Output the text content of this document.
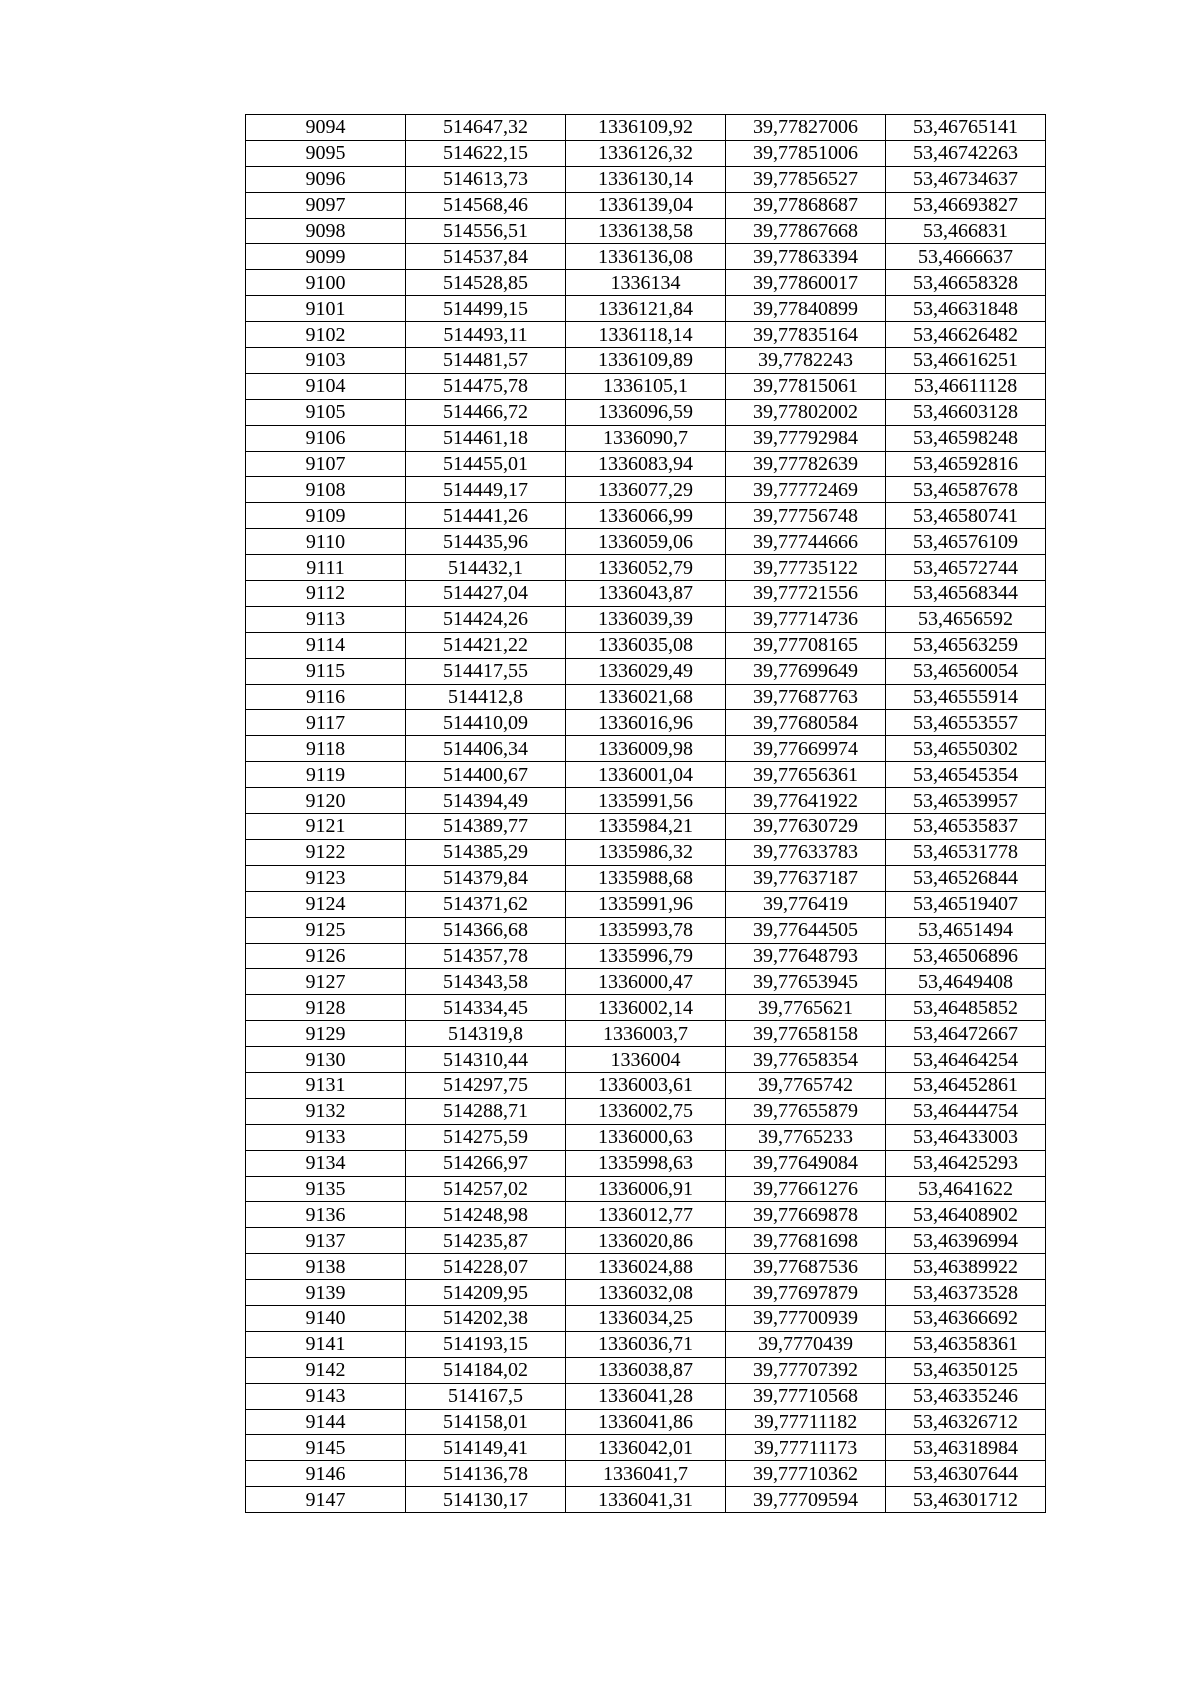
9094	514647,32	1336109,92	39,77827006	53,46765141
9095	514622,15	1336126,32	39,77851006	53,46742263
9096	514613,73	1336130,14	39,77856527	53,46734637
9097	514568,46	1336139,04	39,77868687	53,46693827
9098	514556,51	1336138,58	39,77867668	53,466831
9099	514537,84	1336136,08	39,77863394	53,4666637
9100	514528,85	1336134	39,77860017	53,46658328
9101	514499,15	1336121,84	39,77840899	53,46631848
9102	514493,11	1336118,14	39,77835164	53,46626482
9103	514481,57	1336109,89	39,7782243	53,46616251
9104	514475,78	1336105,1	39,77815061	53,46611128
9105	514466,72	1336096,59	39,77802002	53,46603128
9106	514461,18	1336090,7	39,77792984	53,46598248
9107	514455,01	1336083,94	39,77782639	53,46592816
9108	514449,17	1336077,29	39,77772469	53,46587678
9109	514441,26	1336066,99	39,77756748	53,46580741
9110	514435,96	1336059,06	39,77744666	53,46576109
9111	514432,1	1336052,79	39,77735122	53,46572744
9112	514427,04	1336043,87	39,77721556	53,46568344
9113	514424,26	1336039,39	39,77714736	53,4656592
9114	514421,22	1336035,08	39,77708165	53,46563259
9115	514417,55	1336029,49	39,77699649	53,46560054
9116	514412,8	1336021,68	39,77687763	53,46555914
9117	514410,09	1336016,96	39,77680584	53,46553557
9118	514406,34	1336009,98	39,77669974	53,46550302
9119	514400,67	1336001,04	39,77656361	53,46545354
9120	514394,49	1335991,56	39,77641922	53,46539957
9121	514389,77	1335984,21	39,77630729	53,46535837
9122	514385,29	1335986,32	39,77633783	53,46531778
9123	514379,84	1335988,68	39,77637187	53,46526844
9124	514371,62	1335991,96	39,776419	53,46519407
9125	514366,68	1335993,78	39,77644505	53,4651494
9126	514357,78	1335996,79	39,77648793	53,46506896
9127	514343,58	1336000,47	39,77653945	53,4649408
9128	514334,45	1336002,14	39,7765621	53,46485852
9129	514319,8	1336003,7	39,77658158	53,46472667
9130	514310,44	1336004	39,77658354	53,46464254
9131	514297,75	1336003,61	39,7765742	53,46452861
9132	514288,71	1336002,75	39,77655879	53,46444754
9133	514275,59	1336000,63	39,7765233	53,46433003
9134	514266,97	1335998,63	39,77649084	53,46425293
9135	514257,02	1336006,91	39,77661276	53,4641622
9136	514248,98	1336012,77	39,77669878	53,46408902
9137	514235,87	1336020,86	39,77681698	53,46396994
9138	514228,07	1336024,88	39,77687536	53,46389922
9139	514209,95	1336032,08	39,77697879	53,46373528
9140	514202,38	1336034,25	39,77700939	53,46366692
9141	514193,15	1336036,71	39,7770439	53,46358361
9142	514184,02	1336038,87	39,77707392	53,46350125
9143	514167,5	1336041,28	39,77710568	53,46335246
9144	514158,01	1336041,86	39,77711182	53,46326712
9145	514149,41	1336042,01	39,77711173	53,46318984
9146	514136,78	1336041,7	39,77710362	53,46307644
9147	514130,17	1336041,31	39,77709594	53,46301712
